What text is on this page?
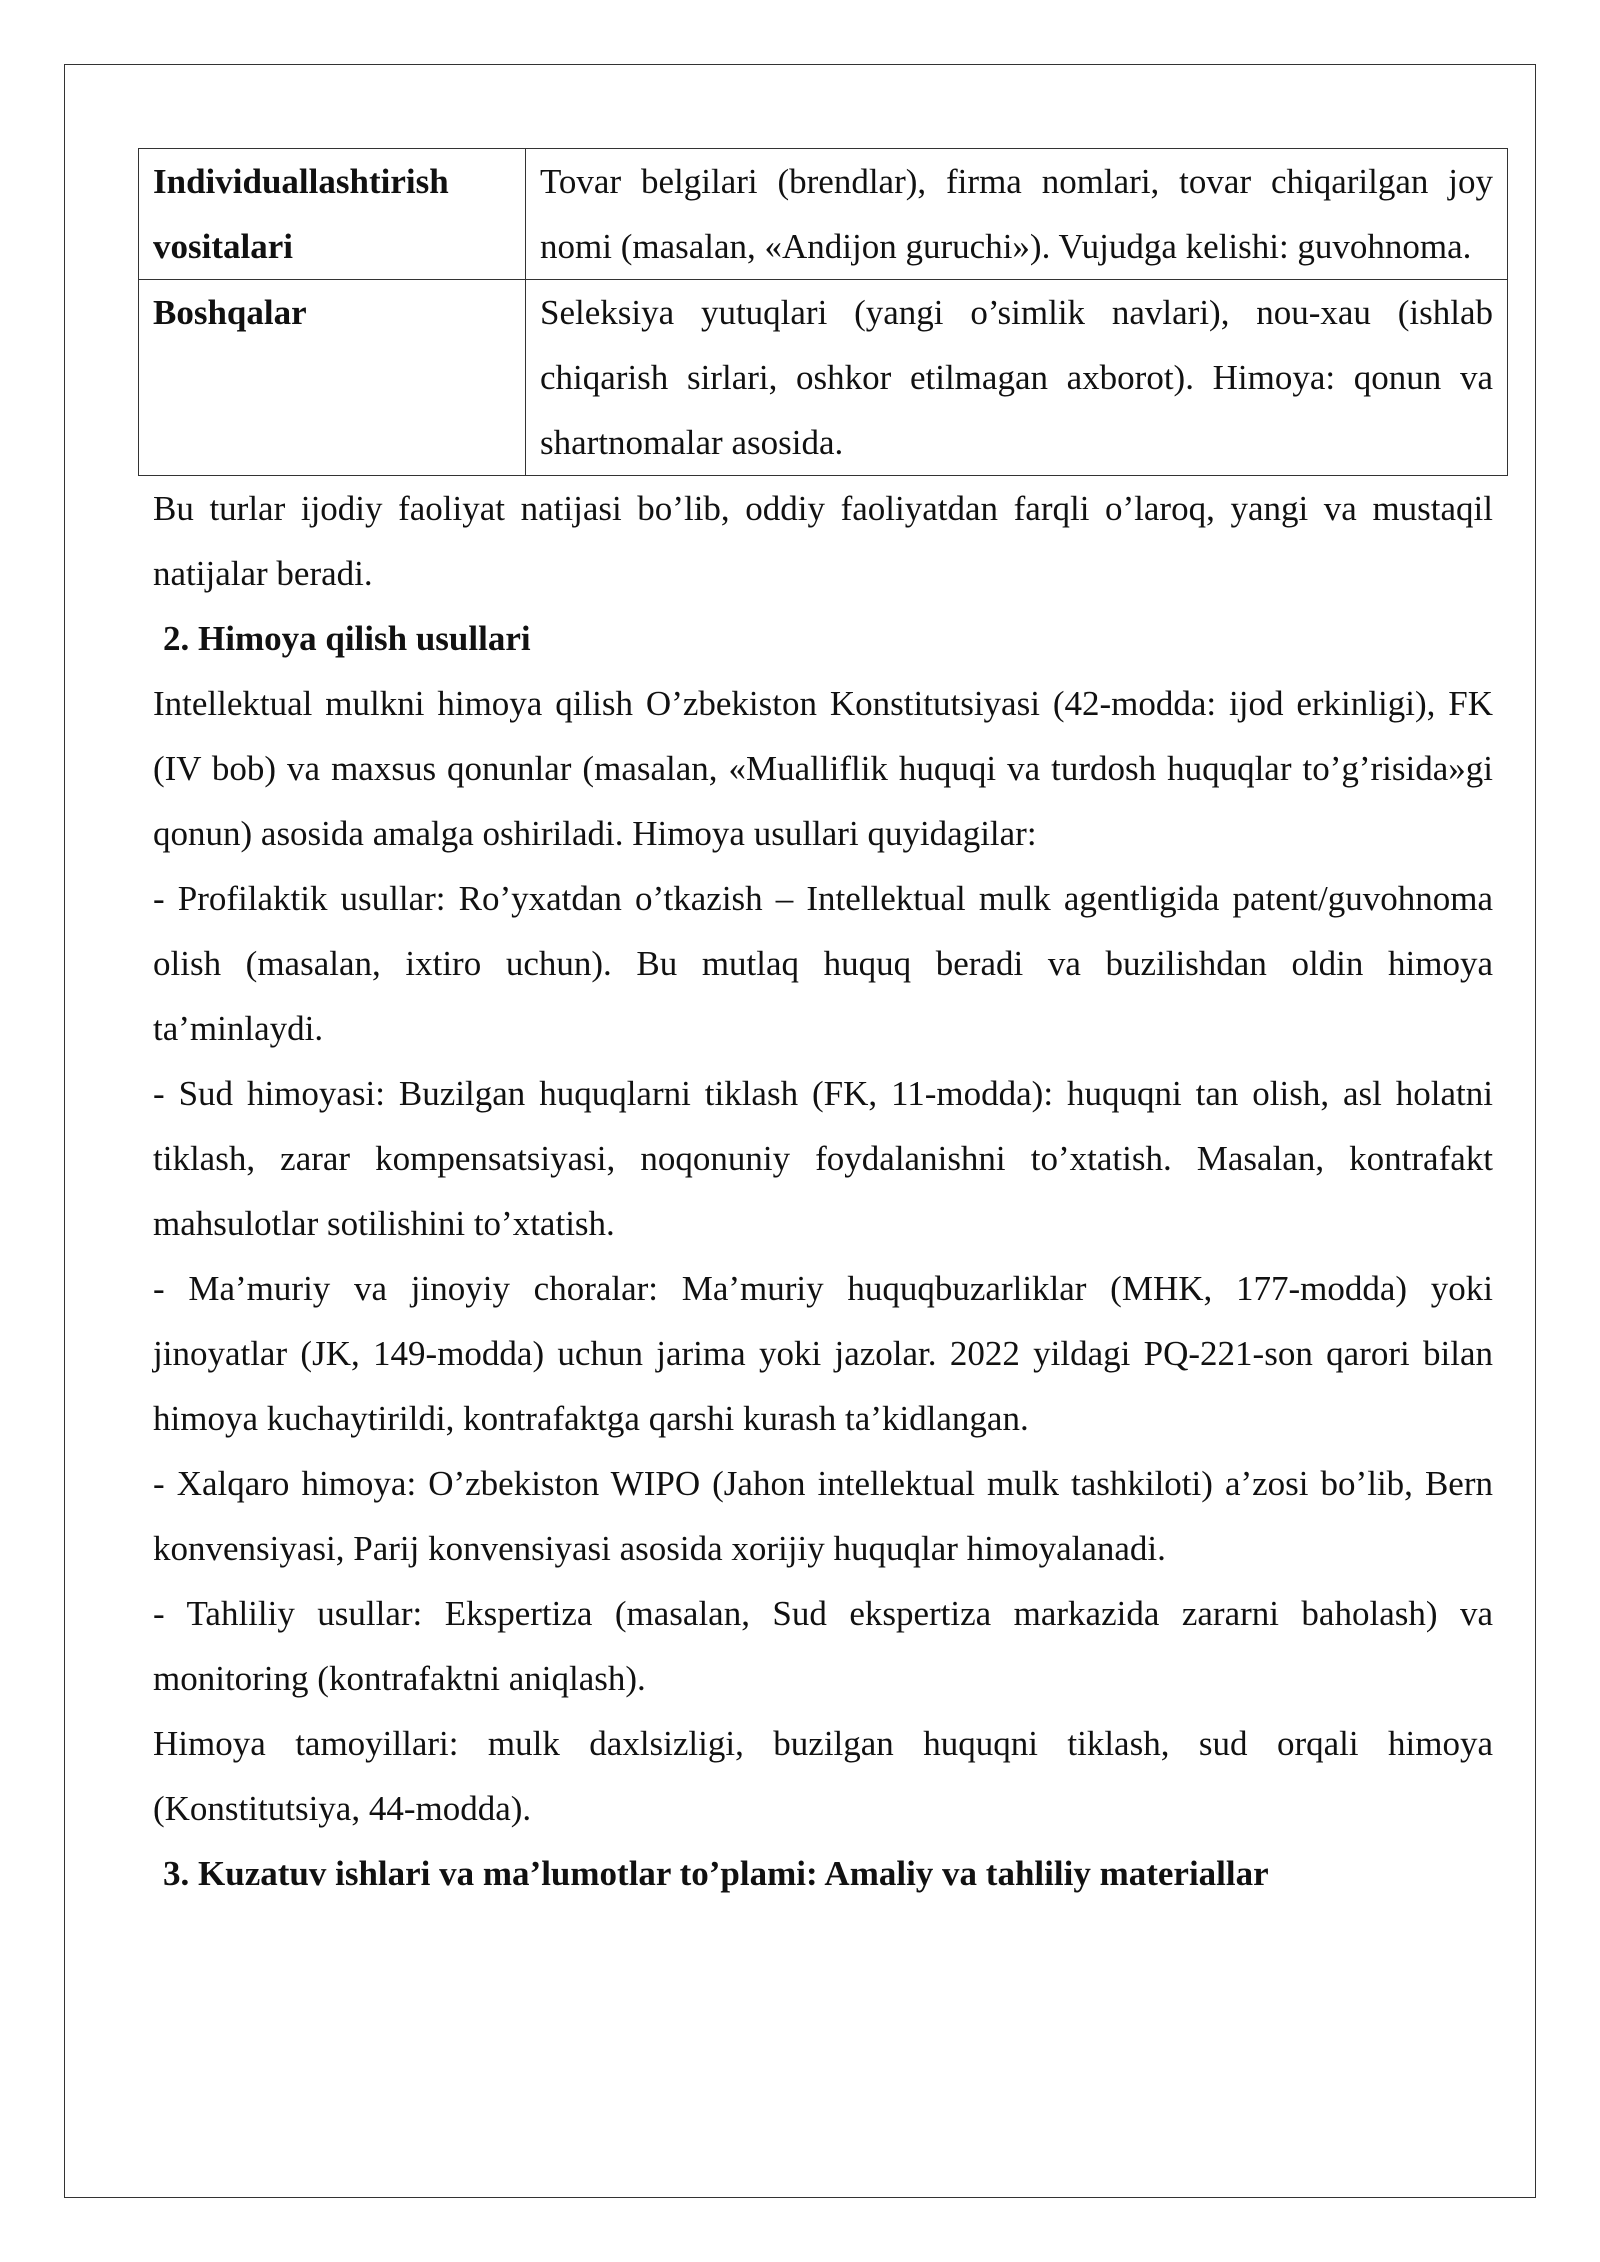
Individuallashtirish vositalari	Tovar belgilari (brendlar), firma nomlari, tovar chiqarilgan joy nomi (masalan, «Andijon guruchi»). Vujudga kelishi: guvohnoma.
Boshqalar	Seleksiya yutuqlari (yangi o’simlik navlari), nou-xau (ishlab chiqarish sirlari, oshkor etilmagan axborot). Himoya: qonun va shartnomalar asosida.

Bu turlar ijodiy faoliyat natijasi bo’lib, oddiy faoliyatdan farqli o’laroq, yangi va mustaqil natijalar beradi.

2. Himoya qilish usullari

Intellektual mulkni himoya qilish O’zbekiston Konstitutsiyasi (42-modda: ijod erkinligi), FK (IV bob) va maxsus qonunlar (masalan, «Mualliflik huquqi va turdosh huquqlar to’g’risida»gi qonun) asosida amalga oshiriladi. Himoya usullari quyidagilar:

- Profilaktik usullar: Ro’yxatdan o’tkazish – Intellektual mulk agentligida patent/guvohnoma olish (masalan, ixtiro uchun). Bu mutlaq huquq beradi va buzilishdan oldin himoya ta’minlaydi.

- Sud himoyasi: Buzilgan huquqlarni tiklash (FK, 11-modda): huquqni tan olish, asl holatni tiklash, zarar kompensatsiyasi, noqonuniy foydalanishni to’xtatish. Masalan, kontrafakt mahsulotlar sotilishini to’xtatish.

- Ma’muriy va jinoyiy choralar: Ma’muriy huquqbuzarliklar (MHK, 177-modda) yoki jinoyatlar (JK, 149-modda) uchun jarima yoki jazolar. 2022 yildagi PQ-221-son qarori bilan himoya kuchaytirildi, kontrafaktga qarshi kurash ta’kidlangan.

- Xalqaro himoya: O’zbekiston WIPO (Jahon intellektual mulk tashkiloti) a’zosi bo’lib, Bern konvensiyasi, Parij konvensiyasi asosida xorijiy huquqlar himoyalanadi.

- Tahliliy usullar: Ekspertiza (masalan, Sud ekspertiza markazida zararni baholash) va monitoring (kontrafaktni aniqlash).

Himoya tamoyillari: mulk daxlsizligi, buzilgan huquqni tiklash, sud orqali himoya (Konstitutsiya, 44-modda).

3. Kuzatuv ishlari va ma’lumotlar to’plami: Amaliy va tahliliy materiallar
